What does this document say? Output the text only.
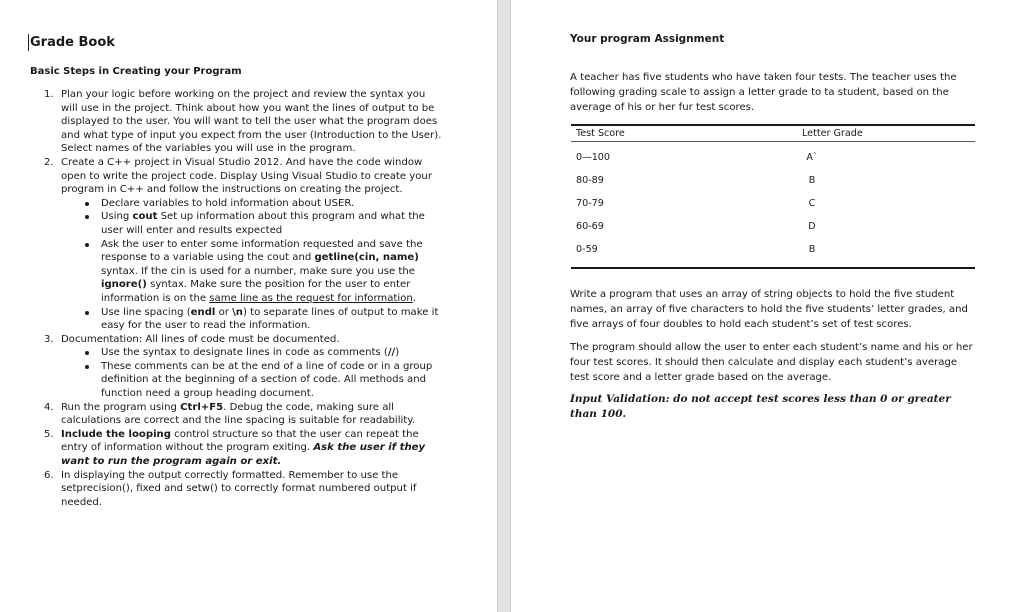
Grade Book
Basic Steps in Creating your Program
1. Plan your logic before working on the project and review the syntax you will use in the project. Think about how you want the lines of output to be displayed to the user. You will want to tell the user what the program does and what type of input you expect from the user (Introduction to the User). Select names of the variables you will use in the program.
2. Create a C++ project in Visual Studio 2012. And have the code window open to write the project code. Display Using Visual Studio to create your program in C++ and follow the instructions on creating the project.
Declare variables to hold information about USER.
Using cout Set up information about this program and what the user will enter and results expected
Ask the user to enter some information requested and save the response to a variable using the cout and getline(cin, name) syntax. If the cin is used for a number, make sure you use the ignore() syntax. Make sure the position for the user to enter information is on the same line as the request for information.
Use line spacing (endl or \n) to separate lines of output to make it easy for the user to read the information.
3. Documentation: All lines of code must be documented.
Use the syntax to designate lines in code as comments (//)
These comments can be at the end of a line of code or in a group definition at the beginning of a section of code. All methods and function need a group heading document.
4. Run the program using Ctrl+F5. Debug the code, making sure all calculations are correct and the line spacing is suitable for readability.
5. Include the looping control structure so that the user can repeat the entry of information without the program exiting. Ask the user if they want to run the program again or exit.
6. In displaying the output correctly formatted. Remember to use the setprecision(), fixed and setw() to correctly format numbered output if needed.
Your program Assignment

A teacher has five students who have taken four tests. The teacher uses the following grading scale to assign a letter grade to ta student, based on the average of his or her fur test scores.

Test Score	Letter Grade
0—100	A`
80-89	B
70-79	C
60-69	D
0-59	B

Write a program that uses an array of string objects to hold the five student names, an array of five characters to hold the five students’ letter grades, and five arrays of four doubles to hold each student’s set of test scores.

The program should allow the user to enter each student’s name and his or her four test scores. It should then calculate and display each student’s average test score and a letter grade based on the average.

Input Validation: do not accept test scores less than 0 or greater than 100.
